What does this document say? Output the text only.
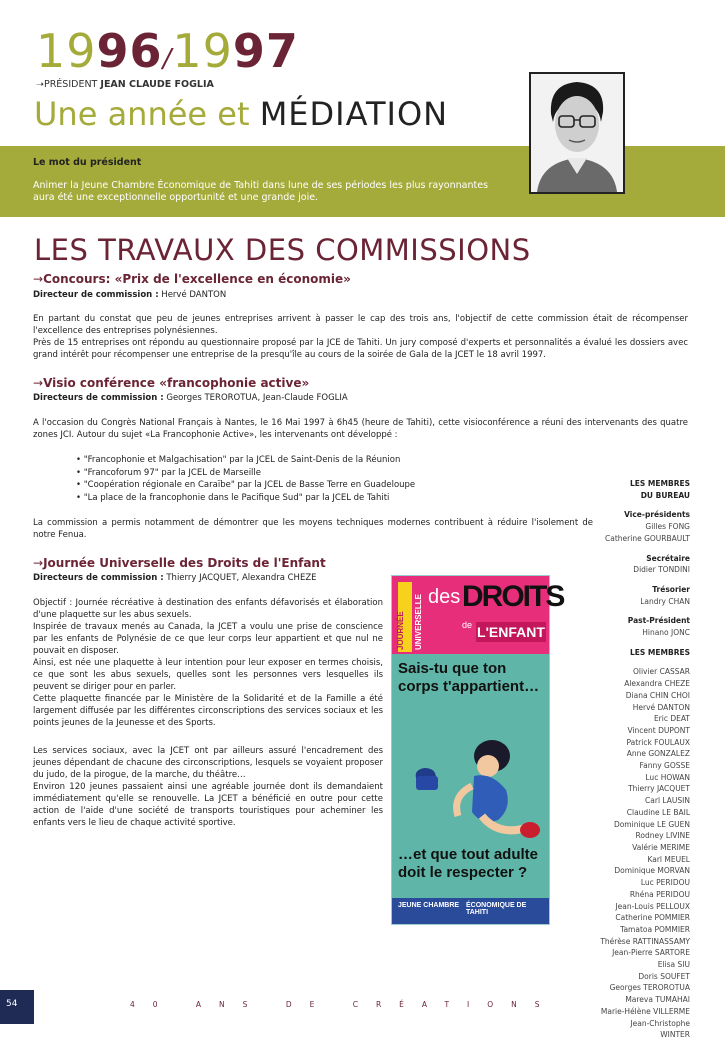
1996/1997
➝PRÉSIDENT JEAN CLAUDE FOGLIA
Une année et MÉDIATION
Le mot du président
Animer la Jeune Chambre Économique de Tahiti dans lune de ses périodes les plus rayonnantes aura été une exceptionnelle opportunité et une grande joie.
LES TRAVAUX DES COMMISSIONS
→Concours: «Prix de l'excellence en économie»
Directeur de commission : Hervé DANTON

En partant du constat que peu de jeunes entreprises arrivent à passer le cap des trois ans, l'objectif de cette commission était de récompenser l'excellence des entreprises polynésiennes.

Près de 15 entreprises ont répondu au questionnaire proposé par la JCE de Tahiti. Un jury composé d'experts et personnalités a évalué les dossiers avec grand intérêt pour récompenser une entreprise de la presqu'île au cours de la soirée de Gala de la JCET le 18 avril 1997.

→Visio conférence «francophonie active»
Directeurs de commission : Georges TEROROTUA, Jean-Claude FOGLIA

A l'occasion du Congrès National Français à Nantes, le 16 Mai 1997 à 6h45 (heure de Tahiti), cette visioconférence a réuni des intervenants des quatre zones JCI. Autour du sujet «La Francophonie Active», les intervenants ont développé :

• "Francophonie et Malgachisation" par la JCEL de Saint-Denis de la Réunion
• "Francoforum 97" par la JCEL de Marseille
• "Coopération régionale en Caraïbe" par la JCEL de Basse Terre en Guadeloupe
• "La place de la francophonie dans le Pacifique Sud" par la JCEL de Tahiti

La commission a permis notamment de démontrer que les moyens techniques modernes contribuent à réduire l'isolement de notre Fenua.

→Journée Universelle des Droits de l'Enfant
Directeurs de commission : Thierry JACQUET, Alexandra CHEZE

Objectif : Journée récréative à destination des enfants défavorisés et élaboration d'une plaquette sur les abus sexuels.

Inspirée de travaux menés au Canada, la JCET a voulu une prise de conscience par les enfants de Polynésie de ce que leur corps leur appartient et que nul ne pouvait en disposer.

Ainsi, est née une plaquette à leur intention pour leur exposer en termes choisis, ce que sont les abus sexuels, quelles sont les personnes vers lesquelles ils peuvent se diriger pour en parler.

Cette plaquette financée par le Ministère de la Solidarité et de la Famille a été largement diffusée par les différentes circonscriptions des services sociaux et les points jeunes de la Jeunesse et des Sports.

Les services sociaux, avec la JCET ont par ailleurs assuré l'encadrement des jeunes dépendant de chacune des circonscriptions, lesquels se voyaient proposer du judo, de la pirogue, de la marche, du théâtre…

Environ 120 jeunes passaient ainsi une agréable journée dont ils demandaient immédiatement qu'elle se renouvelle. La JCET a bénéficié en outre pour cette action de l'aide d'une société de transports touristiques pour acheminer les enfants vers le lieu de chaque activité sportive.

JOURNÉE UNIVERSELLE des DROITS
de L'ENFANT
Sais-tu que ton corps t'appartient…
…et que tout adulte doit le respecter ?
JEUNE CHAMBRE ÉCONOMIQUE DE TAHITI
LES MEMBRES
DU BUREAU
Vice-présidents
Gilles FONG
Catherine GOURBAULT
Secrétaire
Didier TONDINI
Trésorier
Landry CHAN
Past-Président
Hinano JONC
LES MEMBRES
Olivier CASSAR
Alexandra CHEZE
Diana CHIN CHOI
Hervé DANTON
Eric DEAT
Vincent DUPONT
Patrick FOULAUX
Anne GONZALEZ
Fanny GOSSE
Luc HOWAN
Thierry JACQUET
Carl LAUSIN
Claudine LE BAIL
Dominique LE GUEN
Rodney LIVINE
Valérie MERIME
Karl MEUEL
Dominique MORVAN
Luc PERIDOU
Rhéna PERIDOU
Jean-Louis PELLOUX
Catherine POMMIER
Tamatoa POMMIER
Thérèse RATTINASSAMY
Jean-Pierre SARTORE
Elisa SIU
Doris SOUFET
Georges TEROROTUA
Mareva TUMAHAI
Marie-Hélène VILLERME
Jean-Christophe WINTER
54	40 ANS DE CRÉATIONS
